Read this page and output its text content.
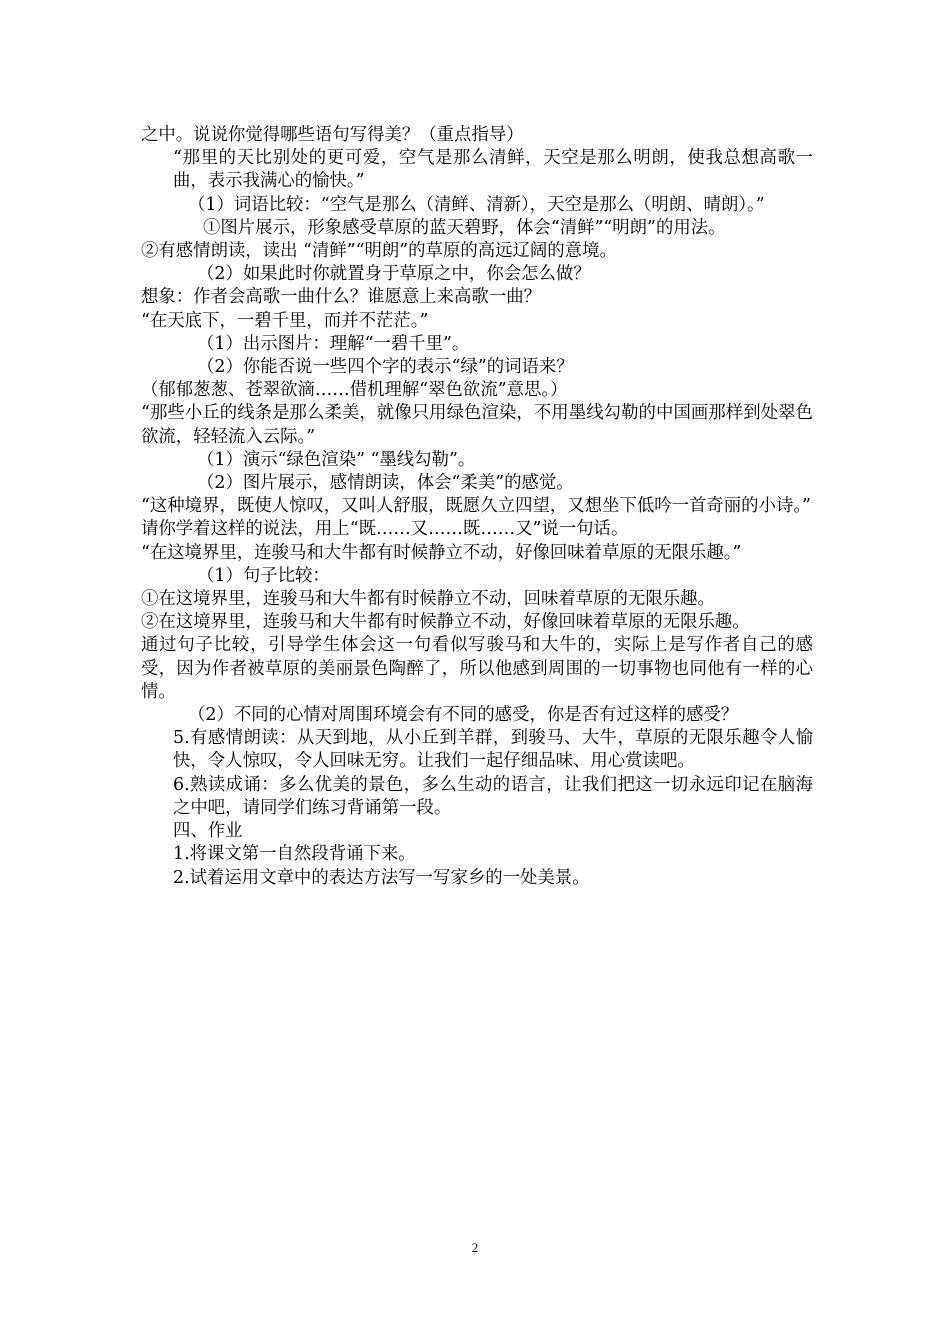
之中。说说你觉得哪些语句写得美？（重点指导）

“那里的天比别处的更可爱，空气是那么清鲜，天空是那么明朗，使我总想高歌一曲，表示我满心的愉快。”

（1）词语比较：“空气是那么（清鲜、清新），天空是那么（明朗、晴朗）。”

①图片展示，形象感受草原的蓝天碧野，体会“清鲜”“明朗”的用法。

②有感情朗读，读出 “清鲜”“明朗”的草原的高远辽阔的意境。

（2）如果此时你就置身于草原之中，你会怎么做？

想象：作者会高歌一曲什么？谁愿意上来高歌一曲？

“在天底下，一碧千里，而并不茫茫。”

（1）出示图片：理解“一碧千里”。

（2）你能否说一些四个字的表示“绿”的词语来？

（郁郁葱葱、苍翠欲滴……借机理解“翠色欲流”意思。）

“那些小丘的线条是那么柔美，就像只用绿色渲染，不用墨线勾勒的中国画那样到处翠色欲流，轻轻流入云际。”

（1）演示“绿色渲染” “墨线勾勒”。

（2）图片展示，感情朗读，体会“柔美”的感觉。

“这种境界，既使人惊叹，又叫人舒服，既愿久立四望，又想坐下低吟一首奇丽的小诗。”

请你学着这样的说法，用上“既……又……既……又”说一句话。

“在这境界里，连骏马和大牛都有时候静立不动，好像回味着草原的无限乐趣。”

（1）句子比较：

①在这境界里，连骏马和大牛都有时候静立不动，回味着草原的无限乐趣。

②在这境界里，连骏马和大牛都有时候静立不动，好像回味着草原的无限乐趣。

通过句子比较，引导学生体会这一句看似写骏马和大牛的，实际上是写作者自己的感受，因为作者被草原的美丽景色陶醉了，所以他感到周围的一切事物也同他有一样的心情。

（2）不同的心情对周围环境会有不同的感受，你是否有过这样的感受？

5.有感情朗读：从天到地，从小丘到羊群，到骏马、大牛，草原的无限乐趣令人愉快，令人惊叹，令人回味无穷。让我们一起仔细品味、用心赏读吧。

6.熟读成诵：多么优美的景色，多么生动的语言，让我们把这一切永远印记在脑海之中吧，请同学们练习背诵第一段。

四、作业

1.将课文第一自然段背诵下来。

2.试着运用文章中的表达方法写一写家乡的一处美景。

2
